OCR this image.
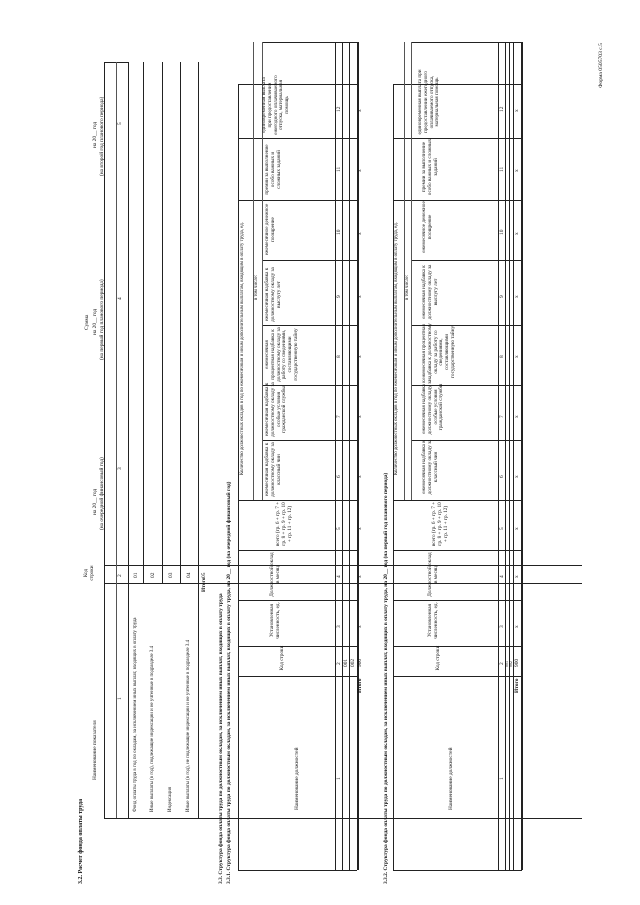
Форма 0505703 с.5
3.2. Расчет фонда оплаты труда
Наименование показателя
Код строки
Сумма
на 20__ год (на очередной финансовый год)
на 20__ год (на первый год планового периода)
на 20__ год (на второй год планового периода)
1
2
3
4
5
Фонд оплаты труда в год по окладам, за исключением иных выплат, входящих в оплату труда
01
Иные выплаты (в год), подлежащие индексации и не учтенные в подразделе 3.4
02
Индексация
03
Иные выплаты (в год), не подлежащие индексации и не учтенные в подразделе 3.4
04
Итого
05
3.3. Структура фонда оплаты труда по должностным окладам, за исключением иных выплат, входящих в оплату труда 3.3.1. Структура фонда оплаты труда по должностным окладам, за исключением иных выплат, входящих в оплату труда, на 20__ год (на очередной финансовый год)
Количество должностных окладов в год по ежемесячным и иным дополнительным выплатам, входящим в оплату труда, ед. в том числе:
Наименование должностей
Код строки
Установленная численность, ед.
Должностной оклад в месяц
всего (гр. 6 + гр. 7 + гр. 8 + гр. 9 + гр. 10 + гр. 11 + гр. 12)
ежемесячная надбавка к должностному окладу за классный чин
ежемесячная надбавка к должностному окладу за особые условия гражданской службы
ежемесячная процентная надбавка к должностному окладу за работу со сведениями, составляющими государственную тайну
ежемесячная надбавка к должностному окладу за выслугу лет
ежемесячное денежное поощрение
премии за выполнение особо важных и сложных заданий
единовременная выплата при предоставлении ежегодного оплачиваемого отпуска, материальная помощь
1
2
3
4
5
6
7
8
9
10
11
12
001 002
Итого
900
x
x
x
x
x
x
x
x
x
x
3.3.2. Структура фонда оплаты труда по должностным окладам, за исключением иных выплат, входящих в оплату труда, на 20__ год (на первый год планового периода)
Количество должностных окладов в год по ежемесячным и иным дополнительным выплатам, входящим в оплату труда, ед. в том числе:
Наименование должностей
Код строки
Установленная численность, ед.
Должностной оклад в месяц
всего (гр. 6 + гр. 7 + гр. 8 + гр. 9 + гр. 10 + гр. 11 + гр. 12)
ежемесячная надбавка к должностному окладу за классный чин
ежемесячная надбавка к должностному окладу за особые условия гражданской службы
ежемесячная процентная надбавка к должностному окладу за работу со сведениями, составляющими государственную тайну
ежемесячная надбавка к должностному окладу за выслугу лет
ежемесячное денежное поощрение
премии за выполнение особо важных и сложных заданий
единовременная выплата при предоставлении ежегодного оплачиваемого отпуска, материальная помощь
1
2
3
4
5
6
7
8
9
10
11
12
001 002
Итого
900
x
x
x
x
x
x
x
x
x
x
